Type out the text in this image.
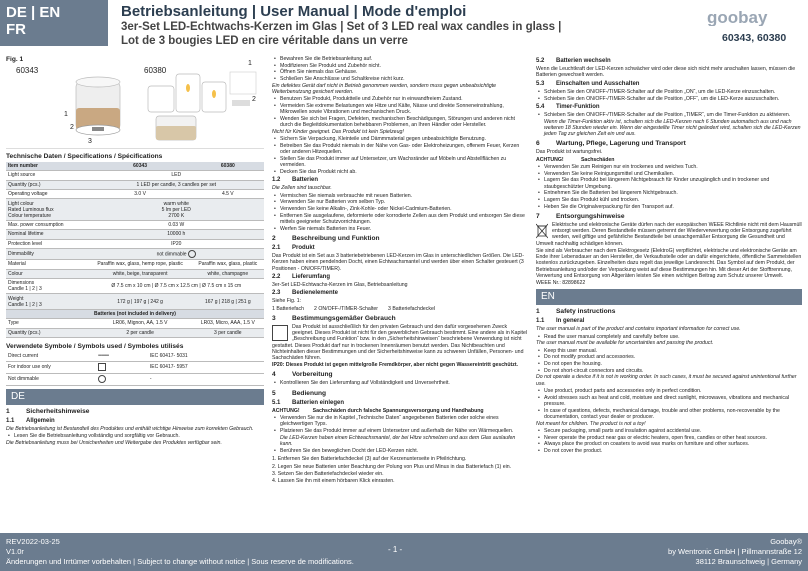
DE | EN
FR
Betriebsanleitung | User Manual | Mode d'emploi
3er-Set LED-Echtwachs-Kerzen im Glas | Set of 3 LED real wax candles in glass |
Lot de 3 bougies LED en cire véritable dans un verre
goobay
60343, 60380
Fig. 1
60343	60380
1
2
3
1
2
Technische Daten / Specifications / Spécifications
Item number	60343	60380
Light source	LED	
Quantity (pcs.)	1 LED per candle, 3 candles per set	
Operating voltage	3.0 V	4.5 V
Light colour
Rated Luminous flux
Colour temperature	warm white
5 lm per LED
2700 K	
Max. power consumption	0.03 W	
Nominal lifetime	10000 h	
Protection level	IP20	
Dimmability	not dimmable	
Material	Paraffin wax, glass, hemp rope, plastic	Paraffin wax, glass, plastic
Colour	white, beige, transparent	white, champagne
Dimensions
Candle 1 | 2 | 3	Ø 7.5 cm x 10 cm | Ø 7.5 cm x 12.5 cm | Ø 7.5 cm x 15 cm	
Weight
Candle 1 | 2 | 3	172 g | 197 g | 242 g	167 g | 218 g | 251 g
Batteries (not included in delivery)		
Type	LR06, Mignon, AA, 1.5 V	LR03, Micro, AAA, 1.5 V
Quantity (pcs.)	2 per candle	3 per candle
Verwendete Symbole / Symbols used / Symboles utilisés
Direct current	═══	IEC 60417- 5031
For indoor use only		IEC 60417- 5957
Not dimmable		-
DE
1 Sicherheitshinweise
1.1 Allgemein

Die Betriebsanleitung ist Bestandteil des Produktes und enthält wichtige Hinweise zum korrekten Gebrauch.

• Lesen Sie die Betriebsanleitung vollständig und sorgfältig vor Gebrauch.

Die Betriebsanleitung muss bei Unsicherheiten und Weitergabe des Produktes verfügbar sein.

• Bewahren Sie die Betriebsanleitung auf.
• Modifizieren Sie Produkt und Zubehör nicht.
• Öffnen Sie niemals das Gehäuse.
• Schließen Sie Anschlüsse und Schaltkreise nicht kurz.

Ein defektes Gerät darf nicht in Betrieb genommen werden, sondern muss gegen unbeabsichtigte Weiterbenutzung gesichert werden.

• Benutzen Sie Produkt, Produktteile und Zubehör nur in einwandfreiem Zustand.
• Vermeiden Sie extreme Belastungen wie Hitze und Kälte, Nässe und direkte Sonneneinstrahlung, Mikrowellen sowie Vibrationen und mechanischen Druck.
• Wenden Sie sich bei Fragen, Defekten, mechanischen Beschädigungen, Störungen und anderen nicht durch die Begleitdokumentation behebbaren Problemen, an Ihren Händler oder Hersteller.

Nicht für Kinder geeignet. Das Produkt ist kein Spielzeug!

• Sichern Sie Verpackung, Kleinteile und Dämmmaterial gegen unbeabsichtigte Benutzung.
• Betreiben Sie das Produkt niemals in der Nähe von Gas- oder Elektroheizungen, offenem Feuer, Kerzen oder anderen Hitzequellen.
• Stellen Sie das Produkt immer auf Untersetzer, um Wachsränder auf Möbeln und Abstellflächen zu vermeiden.
• Decken Sie das Produkt nicht ab.
1.2 Batterien

Die Zellen sind tauschbar.

• Vermischen Sie niemals verbrauchte mit neuen Batterien.
• Verwenden Sie nur Batterien vom selben Typ.
• Verwenden Sie keine Alkalin-, Zink-Kohle- oder Nickel-Cadmium-Batterien.
• Entfernen Sie ausgelaufene, deformierte oder korrodierte Zellen aus dem Produkt und entsorgen Sie diese mittels geeigneter Schutzvorrichtungen.
• Werfen Sie niemals Batterien ins Feuer.
2 Beschreibung und Funktion
2.1 Produkt

Das Produkt ist ein Set aus 3 batteriebetriebenen LED-Kerzen im Glas in unterschiedlichen Größen. Die LED-Kerzen haben einen pendelnden Docht, einen Echtwachsmantel und werden über einen Schalter gesteuert (3 Positionen - ON/OFF/TIMER).

2.2 Lieferumfang

3er-Set LED-Echtwachs-Kerzen im Glas, Betriebsanleitung

2.3 Bedienelemente

Siehe Fig. 1:

1 Batteriefach 2 ON/OFF-/TIMER-Schalter 3 Batteriefachdeckel

3 Bestimmungsgemäßer Gebrauch

Das Produkt ist ausschließlich für den privaten Gebrauch und den dafür vorgesehenen Zweck geeignet. Dieses Produkt ist nicht für den gewerblichen Gebrauch bestimmt. Eine andere als in Kapitel „Beschreibung und Funktion“ bzw. in den „Sicherheitshinweisen“ beschriebene Verwendung ist nicht gestattet. Dieses Produkt darf nur in trockenen Innenräumen benutzt werden. Das Nichtbeachten und Nichteinhalten dieser Bestimmungen und der Sicherheitshinweise kann zu schweren Unfällen, Personen- und Sachschäden führen.

IP20: Dieses Produkt ist gegen mittelgroße Fremdkörper, aber nicht gegen Wassereintritt geschützt.

4 Vorbereitung
• Kontrollieren Sie den Lieferumfang auf Vollständigkeit und Unversehrtheit.
5 Bedienung
5.1 Batterien einlegen

ACHTUNG! Sachschäden durch falsche Spannungsversorgung und Handhabung

• Verwenden Sie nur die in Kapitel „Technische Daten“ angegebenen Batterien oder solche eines gleichwertigen Typs.
• Platzieren Sie das Produkt immer auf einem Untersetzer und außerhalb der Nähe von Wärmequellen.

Die LED-Kerzen haben einen Echtwachsmantel, der bei Hitze schmelzen und aus dem Glas auslaufen kann.

• Berühren Sie den beweglichen Docht der LED-Kerzen nicht.

1. Entfernen Sie den Batteriefachdeckel (3) auf der Kerzenunterseite in Pfeilrichtung.

2. Legen Sie neue Batterien unter Beachtung der Polung von Plus und Minus in das Batteriefach (1) ein.

3. Setzen Sie den Batteriefachdeckel wieder ein.

4. Lassen Sie ihn mit einem hörbaren Klick einrasten.

5.2 Batterien wechseln

Wenn die Leuchtkraft der LED-Kerzen schwächer wird oder diese sich nicht mehr anschalten lassen, müssen die Batterien gewechselt werden.

5.3 Einschalten und Ausschalten
• Schieben Sie den ON/OFF-/TIMER-Schalter auf die Position „ON“, um die LED-Kerze einzuschalten.
• Schieben Sie den ON/OFF-/TIMER-Schalter auf die Position „OFF“, um die LED-Kerze auszuschalten.
5.4 Timer-Funktion
• Schieben Sie den ON/OFF-/TIMER-Schalter auf die Position „TIMER“, um die Timer-Funktion zu aktivieren.

Wenn die Timer-Funktion aktiv ist, schalten sich die LED-Kerzen nach 6 Stunden automatisch aus und nach weiteren 18 Stunden wieder ein. Wenn der eingestellte Timer nicht geändert wird, schalten sich die LED-Kerzen jeden Tag zur gleichen Zeit ein und aus.

6 Wartung, Pflege, Lagerung und Transport

Das Produkt ist wartungsfrei.

ACHTUNG!	Sachschäden

• Verwenden Sie zum Reinigen nur ein trockenes und weiches Tuch.
• Verwenden Sie keine Reinigungsmittel und Chemikalien.
• Lagern Sie das Produkt bei längerem Nichtgebrauch für Kinder unzugänglich und in trockener und staubgeschützter Umgebung.
• Entnehmen Sie die Batterien bei längerem Nichtgebrauch.
• Lagern Sie das Produkt kühl und trocken.
• Heben Sie die Originalverpackung für den Transport auf.
7 Entsorgungshinweise

Elektrische und elektronische Geräte dürfen nach der europäischen WEEE Richtlinie nicht mit dem Hausmüll entsorgt werden. Deren Bestandteile müssen getrennt der Wiederverwertung oder Entsorgung zugeführt werden, weil giftige und gefährliche Bestandteile bei unsachgemäßer Entsorgung die Gesundheit und Umwelt nachhaltig schädigen können.

Sie sind als Verbraucher nach dem Elektrogesetz (ElektroG) verpflichtet, elektrische und elektronische Geräte am Ende ihrer Lebensdauer an den Hersteller, die Verkaufsstelle oder an dafür eingerichtete, öffentliche Sammelstellen kostenlos zurückzugeben. Einzelheiten dazu regelt das jeweilige Landesrecht. Das Symbol auf dem Produkt, der Betriebsanleitung und/oder der Verpackung weist auf diese Bestimmungen hin. Mit dieser Art der Stofftrennung, Verwertung und Entsorgung von Altgeräten leisten Sie einen wichtigen Beitrag zum Schutz unserer Umwelt.

WEEE Nr.: 82898622

EN
1 Safety instructions
1.1 In general

The user manual is part of the product and contains important information for correct use.

• Read the user manual completely and carefully before use.

The user manual must be available for uncertainties and passing the product.

• Keep this user manual.
• Do not modify product and accessories.
• Do not open the housing.
• Do not short-circuit connectors and circuits.

Do not operate a device if it is not in working order. In such cases, it must be secured against unintentional further use.

• Use product, product parts and accessories only in perfect condition.
• Avoid stresses such as heat and cold, moisture and direct sunlight, microwaves, vibrations and mechanical pressure.
• In case of questions, defects, mechanical damage, trouble and other problems, non-recoverable by the documentation, contact your dealer or producer.

Not meant for children. The product is not a toy!

• Secure packaging, small parts and insulation against accidental use.
• Never operate the product near gas or electric heaters, open fires, candles or other heat sources.
• Always place the product on coasters to avoid wax marks on furniture and other surfaces.
• Do not cover the product.
REV2022-03-25
V1.0r
Änderungen und Irrtümer vorbehalten | Subject to change without notice | Sous reserve de modifications.
- 1 -
Goobay®
by Wentronic GmbH | Pillmannstraße 12
38112 Braunschweig | Germany
